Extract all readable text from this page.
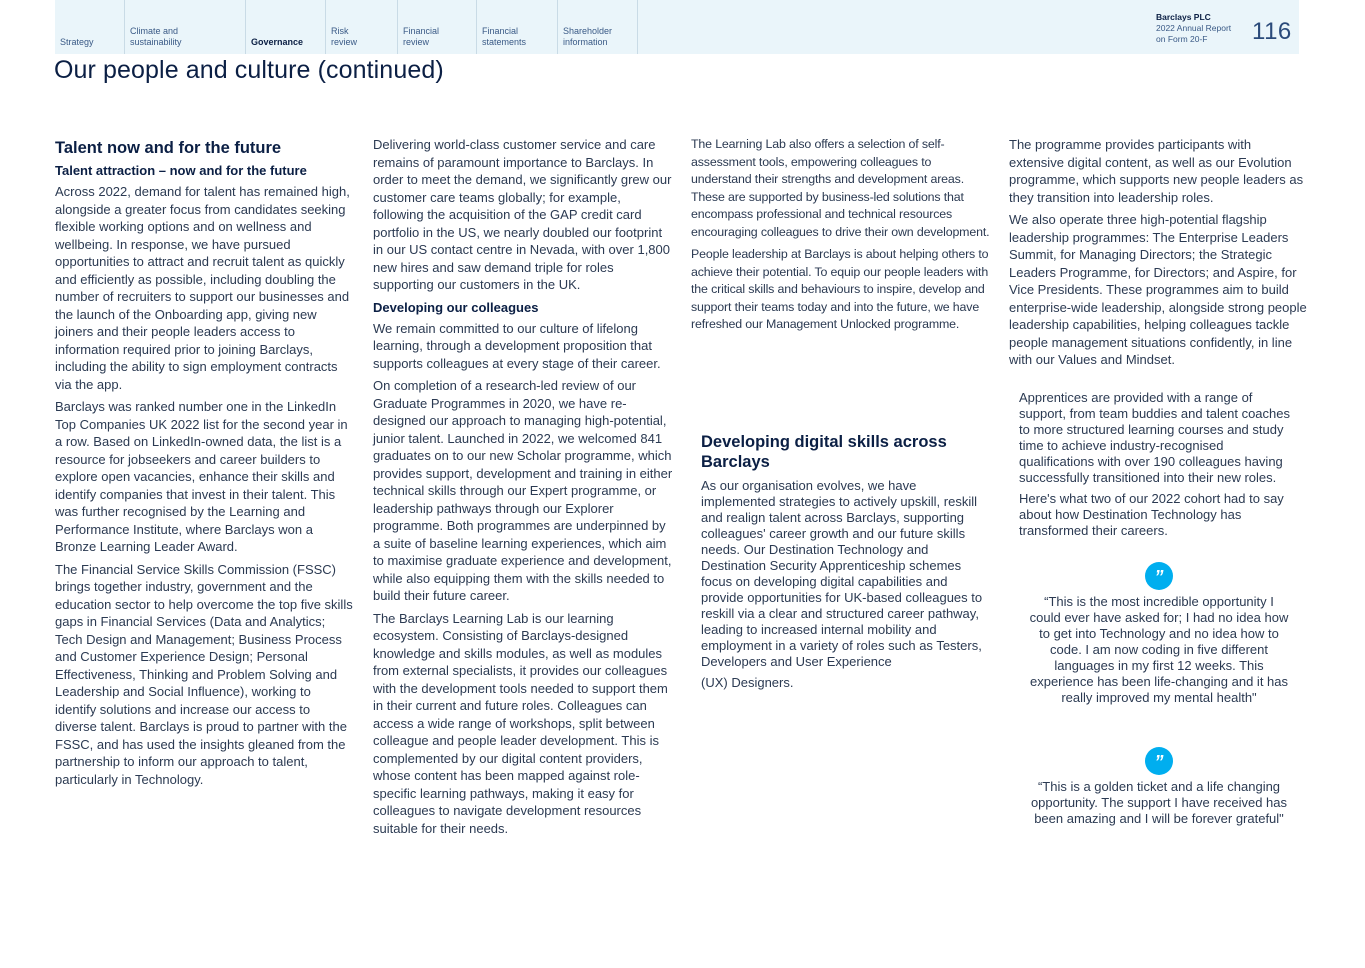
Strategy
Climate and
sustainability	Governance
Risk
review
Financial
review
Financial
statements
Shareholder
information
Barclays PLC
2022 Annual Report
on Form 20-F	116
Our people and culture (continued)
Talent now and for the future
Talent attraction – now and for the future

Across 2022, demand for talent has remained high, alongside a greater focus from candidates seeking flexible working options and on wellness and wellbeing. In response, we have pursued opportunities to attract and recruit talent as quickly and efficiently as possible, including doubling the number of recruiters to support our businesses and the launch of the Onboarding app, giving new joiners and their people leaders access to information required prior to joining Barclays, including the ability to sign employment contracts via the app.

Barclays was ranked number one in the LinkedIn Top Companies UK 2022 list for the second year in a row. Based on LinkedIn-owned data, the list is a resource for jobseekers and career builders to explore open vacancies, enhance their skills and identify companies that invest in their talent. This was further recognised by the Learning and Performance Institute, where Barclays won a Bronze Learning Leader Award.

The Financial Service Skills Commission (FSSC) brings together industry, government and the education sector to help overcome the top five skills gaps in Financial Services (Data and Analytics; Tech Design and Management; Business Process and Customer Experience Design; Personal Effectiveness, Thinking and Problem Solving and Leadership and Social Influence), working to identify solutions and increase our access to diverse talent. Barclays is proud to partner with the FSSC, and has used the insights gleaned from the partnership to inform our approach to talent, particularly in Technology.

Delivering world-class customer service and care remains of paramount importance to Barclays. In order to meet the demand, we significantly grew our customer care teams globally; for example, following the acquisition of the GAP credit card portfolio in the US, we nearly doubled our footprint in our US contact centre in Nevada, with over 1,800 new hires and saw demand triple for roles supporting our customers in the UK.

Developing our colleagues

We remain committed to our culture of lifelong learning, through a development proposition that supports colleagues at every stage of their career.

On completion of a research-led review of our Graduate Programmes in 2020, we have re-designed our approach to managing high-potential, junior talent. Launched in 2022, we welcomed 841 graduates on to our new Scholar programme, which provides support, development and training in either technical skills through our Expert programme, or leadership pathways through our Explorer programme. Both programmes are underpinned by a suite of baseline learning experiences, which aim to maximise graduate experience and development, while also equipping them with the skills needed to build their future career.

The Barclays Learning Lab is our learning ecosystem. Consisting of Barclays-designed knowledge and skills modules, as well as modules from external specialists, it provides our colleagues with the development tools needed to support them in their current and future roles. Colleagues can access a wide range of workshops, split between colleague and people leader development. This is complemented by our digital content providers, whose content has been mapped against role-specific learning pathways, making it easy for colleagues to navigate development resources suitable for their needs.

The Learning Lab also offers a selection of self-assessment tools, empowering colleagues to understand their strengths and development areas. These are supported by business-led solutions that encompass professional and technical resources encouraging colleagues to drive their own development.

People leadership at Barclays is about helping others to achieve their potential. To equip our people leaders with the critical skills and behaviours to inspire, develop and support their teams today and into the future, we have refreshed our Management Unlocked programme.

The programme provides participants with extensive digital content, as well as our Evolution programme, which supports new people leaders as they transition into leadership roles.

We also operate three high-potential flagship leadership programmes: The Enterprise Leaders Summit, for Managing Directors; the Strategic Leaders Programme, for Directors; and Aspire, for Vice Presidents. These programmes aim to build enterprise-wide leadership, alongside strong people leadership capabilities, helping colleagues tackle people management situations confidently, in line with our Values and Mindset.

Developing digital skills across Barclays

As our organisation evolves, we have implemented strategies to actively upskill, reskill and realign talent across Barclays, supporting colleagues' career growth and our future skills needs. Our Destination Technology and Destination Security Apprenticeship schemes focus on developing digital capabilities and provide opportunities for UK-based colleagues to reskill via a clear and structured career pathway, leading to increased internal mobility and employment in a variety of roles such as Testers, Developers and User Experience

(UX) Designers.

Apprentices are provided with a range of support, from team buddies and talent coaches to more structured learning courses and study time to achieve industry-recognised qualifications with over 190 colleagues having successfully transitioned into their new roles.

Here's what two of our 2022 cohort had to say about how Destination Technology has transformed their careers.

”
“This is the most incredible opportunity I could ever have asked for; I had no idea how to get into Technology and no idea how to code. I am now coding in five different languages in my first 12 weeks. This experience has been life-changing and it has really improved my mental health"
”
“This is a golden ticket and a life changing opportunity. The support I have received has been amazing and I will be forever grateful"
